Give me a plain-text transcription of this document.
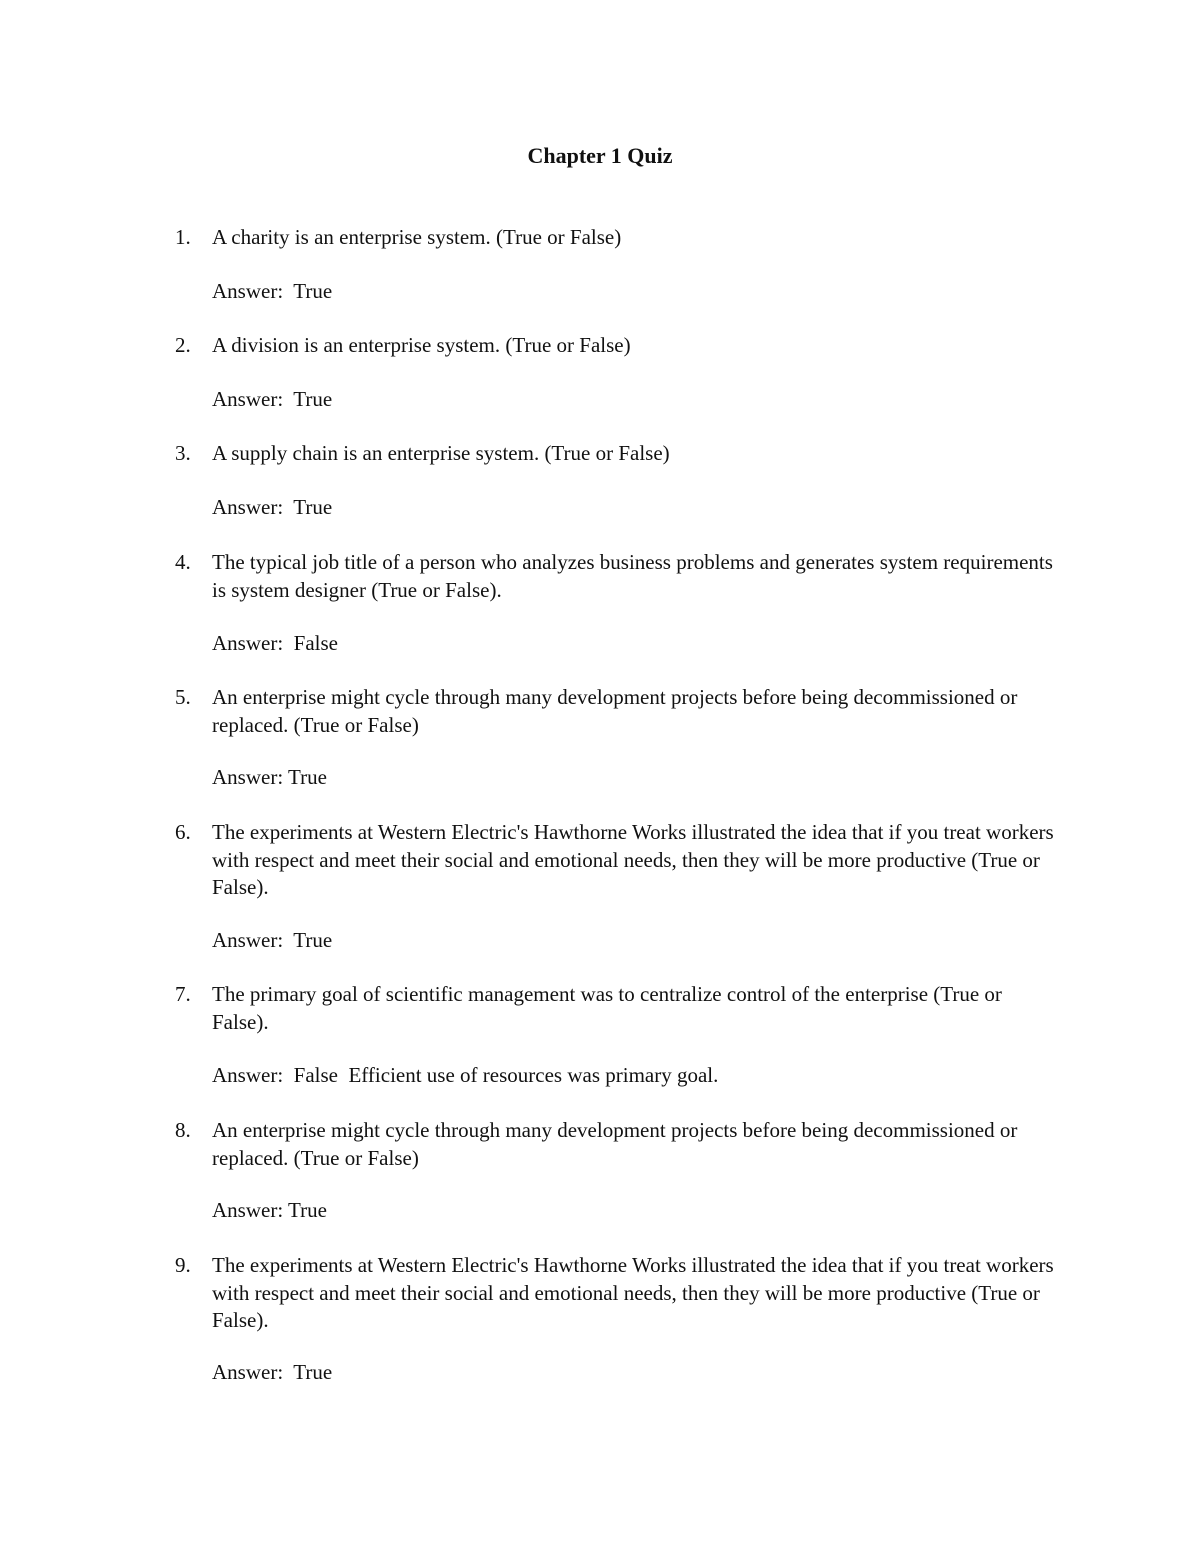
Chapter 1 Quiz
1.	A charity is an enterprise system. (True or False)
Answer:  True
2.	A division is an enterprise system. (True or False)
Answer:  True
3.	A supply chain is an enterprise system. (True or False)
Answer:  True
4.	The typical job title of a person who analyzes business problems and generates system requirements is system designer (True or False).
Answer:  False
5.	An enterprise might cycle through many development projects before being decommissioned or replaced. (True or False)
Answer: True
6.	The experiments at Western Electric's Hawthorne Works illustrated the idea that if you treat workers with respect and meet their social and emotional needs, then they will be more productive (True or False).
Answer:  True
7.	The primary goal of scientific management was to centralize control of the enterprise (True or False).
Answer:  False  Efficient use of resources was primary goal.
8.	An enterprise might cycle through many development projects before being decommissioned or replaced. (True or False)
Answer: True
9.	The experiments at Western Electric's Hawthorne Works illustrated the idea that if you treat workers with respect and meet their social and emotional needs, then they will be more productive (True or False).
Answer:  True
